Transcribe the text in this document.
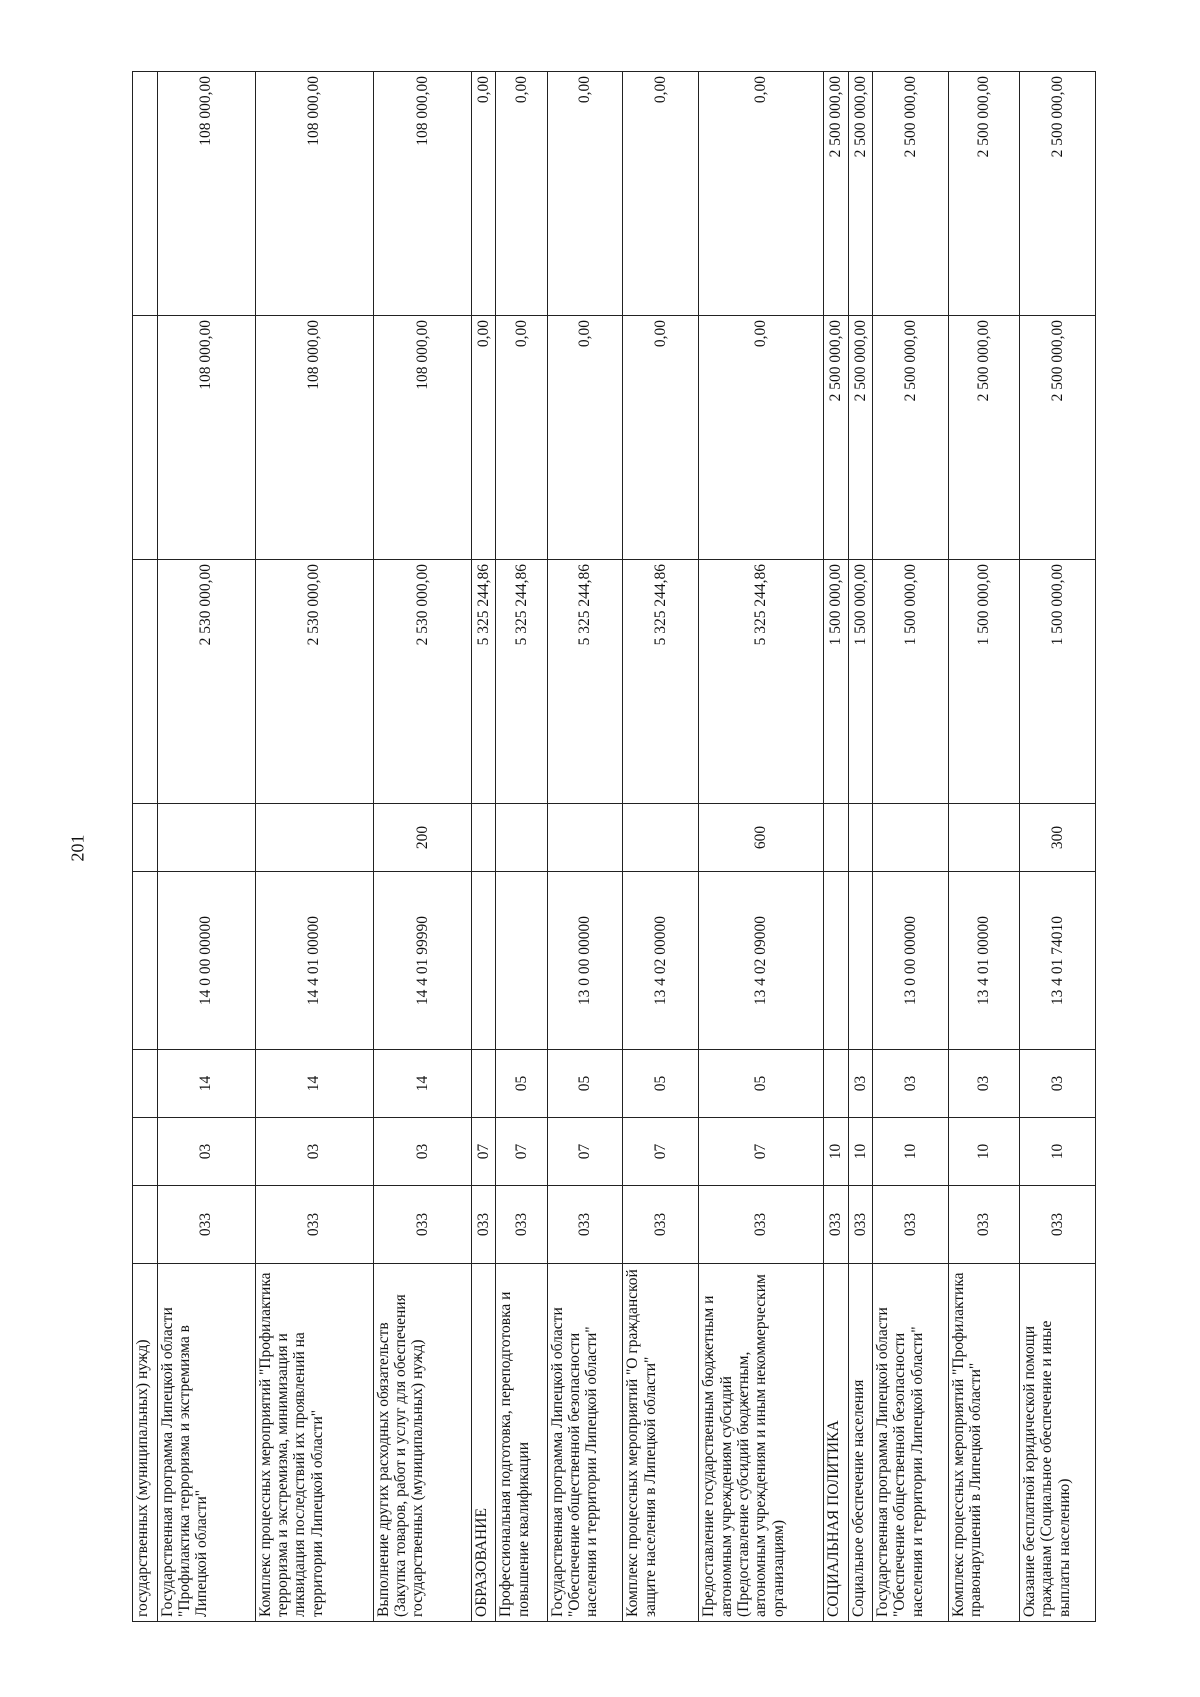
201
государственных (муниципальных) нужд)								
Государственная программа Липецкой области "Профилактика терроризма и экстремизма в Липецкой области"	033	03	14	14 0 00 00000		2 530 000,00	108 000,00	108 000,00
Комплекс процессных мероприятий "Профилактика терроризма и экстремизма, минимизация и ликвидация последствий их проявлений на территории Липецкой области"	033	03	14	14 4 01 00000		2 530 000,00	108 000,00	108 000,00
Выполнение других расходных обязательств (Закупка товаров, работ и услуг для обеспечения государственных (муниципальных) нужд)	033	03	14	14 4 01 99990	200	2 530 000,00	108 000,00	108 000,00
ОБРАЗОВАНИЕ	033	07				5 325 244,86	0,00	0,00
Профессиональная подготовка, переподготовка и повышение квалификации	033	07	05			5 325 244,86	0,00	0,00
Государственная программа Липецкой области "Обеспечение общественной безопасности населения и территории Липецкой области"	033	07	05	13 0 00 00000		5 325 244,86	0,00	0,00
Комплекс процессных мероприятий "О гражданской защите населения в Липецкой области"	033	07	05	13 4 02 00000		5 325 244,86	0,00	0,00
Предоставление государственным бюджетным и автономным учреждениям субсидий (Предоставление субсидий бюджетным, автономным учреждениям и иным некоммерческим организациям)	033	07	05	13 4 02 09000	600	5 325 244,86	0,00	0,00
СОЦИАЛЬНАЯ ПОЛИТИКА	033	10				1 500 000,00	2 500 000,00	2 500 000,00
Социальное обеспечение населения	033	10	03			1 500 000,00	2 500 000,00	2 500 000,00
Государственная программа Липецкой области "Обеспечение общественной безопасности населения и территории Липецкой области"	033	10	03	13 0 00 00000		1 500 000,00	2 500 000,00	2 500 000,00
Комплекс процессных мероприятий "Профилактика правонарушений в Липецкой области"	033	10	03	13 4 01 00000		1 500 000,00	2 500 000,00	2 500 000,00
Оказание бесплатной юридической помощи гражданам (Социальное обеспечение и иные выплаты населению)	033	10	03	13 4 01 74010	300	1 500 000,00	2 500 000,00	2 500 000,00
